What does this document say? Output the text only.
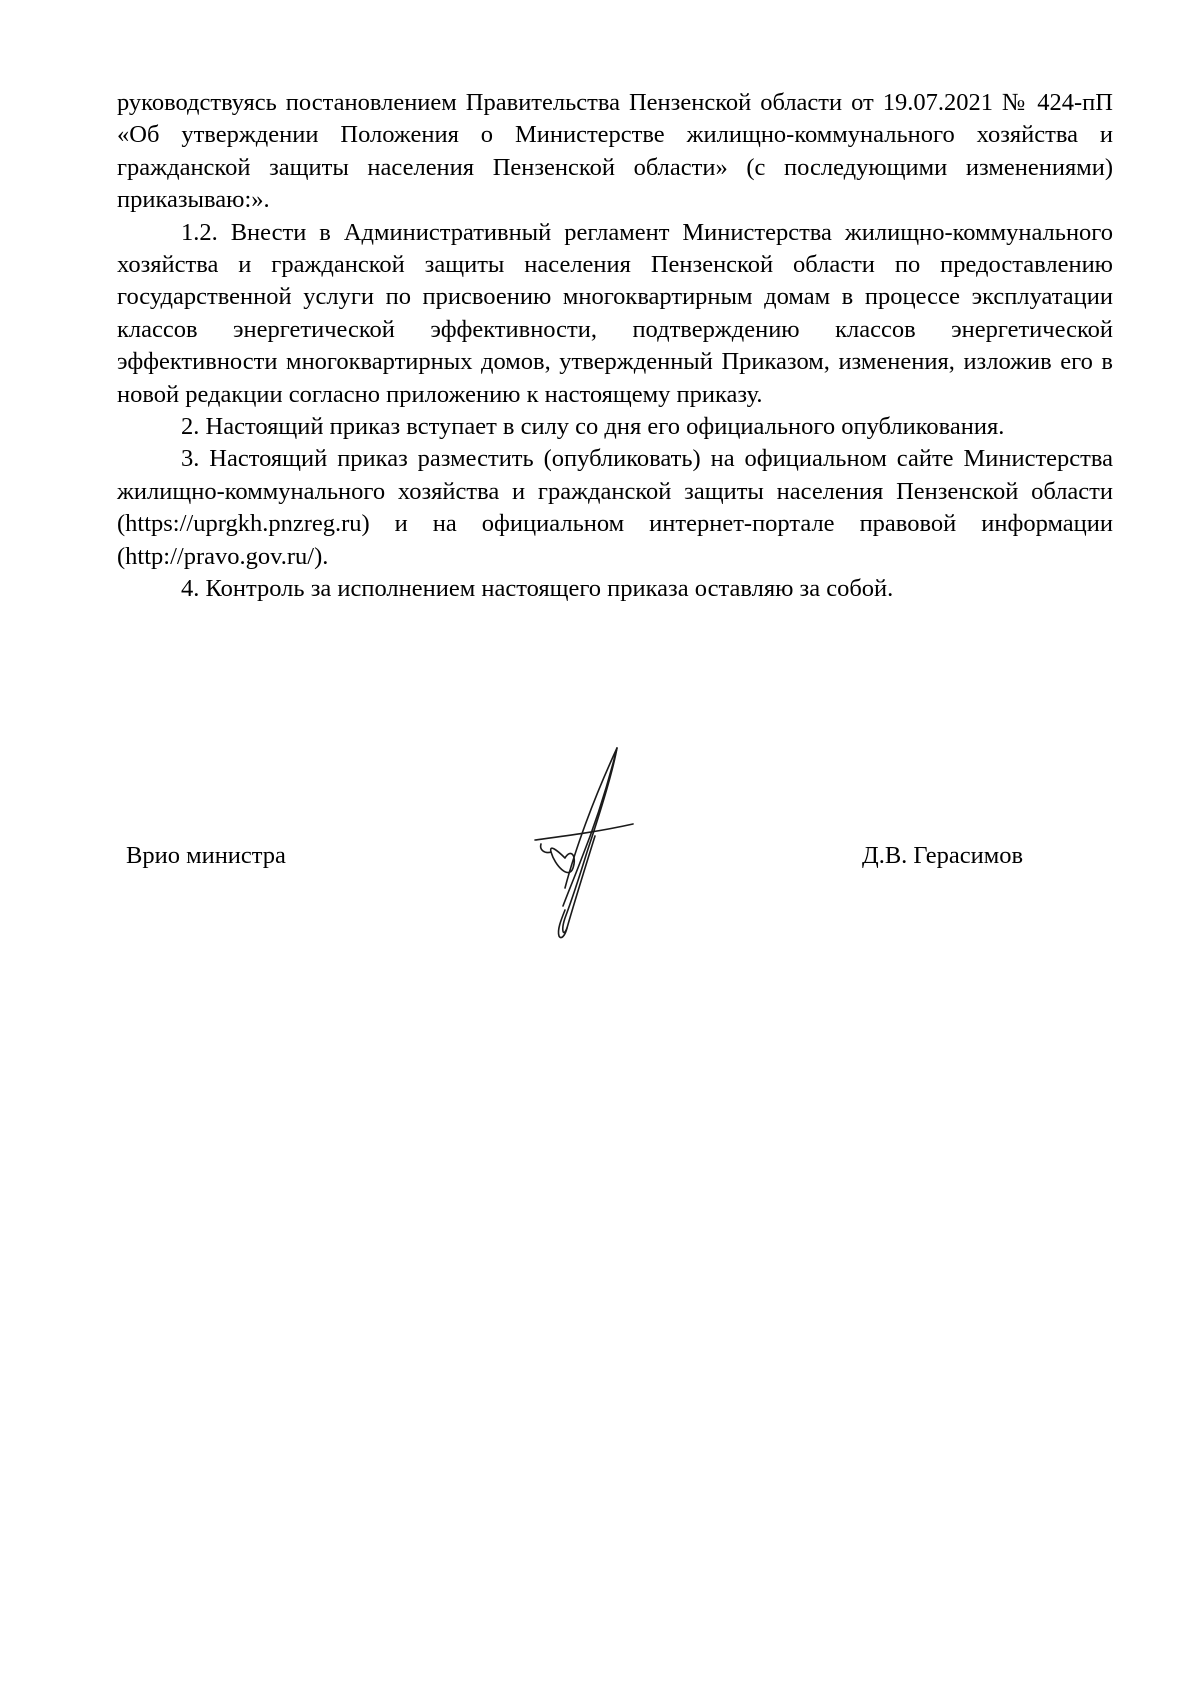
руководствуясь постановлением Правительства Пензенской области от 19.07.2021 № 424-пП «Об утверждении Положения о Министерстве жилищно-коммунального хозяйства и гражданской защиты населения Пензенской области» (с последующими изменениями) приказываю:».

1.2. Внести в Административный регламент Министерства жилищно-коммунального хозяйства и гражданской защиты населения Пензенской области по предоставлению государственной услуги по присвоению многоквартирным домам в процессе эксплуатации классов энергетической эффективности, подтверждению классов энергетической эффективности многоквартирных домов, утвержденный Приказом, изменения, изложив его в новой редакции согласно приложению к настоящему приказу.

2. Настоящий приказ вступает в силу со дня его официального опубликования.

3. Настоящий приказ разместить (опубликовать) на официальном сайте Министерства жилищно-коммунального хозяйства и гражданской защиты населения Пензенской области (https://uprgkh.pnzreg.ru) и на официальном интернет-портале правовой информации (http://pravo.gov.ru/).

4. Контроль за исполнением настоящего приказа оставляю за собой.

Врио министра	Д.В. Герасимов
